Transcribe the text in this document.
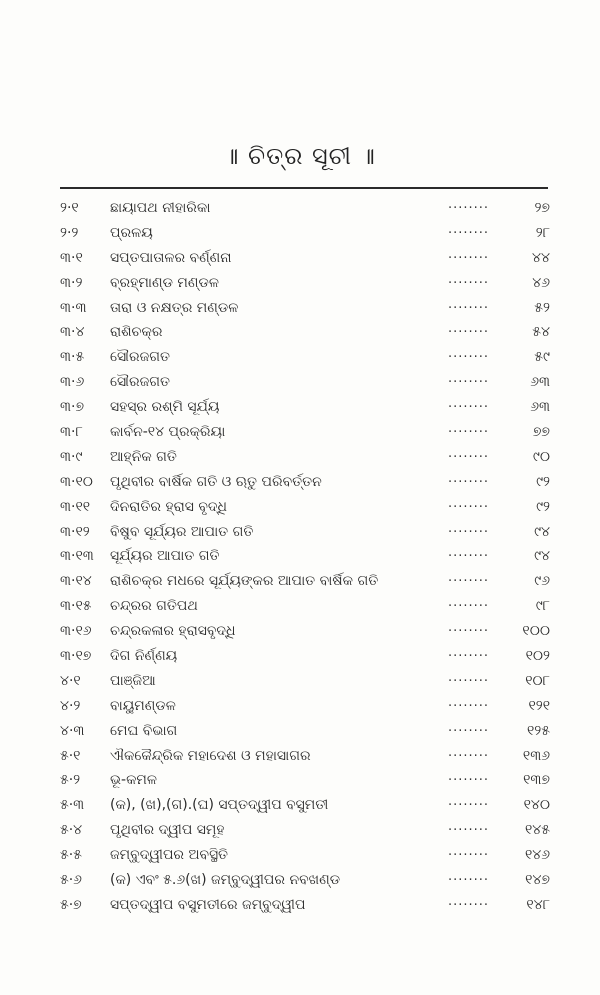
॥ ଚିତ୍ର ସୂଚୀ ॥
୨·୧	ଛାୟାପଥ ନୀହାରିକା	........	୨୭
୨·୨	ପ୍ରଳୟ	........	୨୮
୩·୧	ସପ୍ତପାତାଳର ବର୍ଣ୍ଣନା	........	୪୪
୩·୨	ବ୍ରହ୍ମାଣ୍ଡ ମଣ୍ଡଳ	........	୪୬
୩·୩	ତାରା ଓ ନକ୍ଷତ୍ର ମଣ୍ଡଳ	........	୫୨
୩·୪	ରାଶିଚକ୍ର	........	୫୪
୩·୫	ସୌରଜଗତ	........	୫୯
୩·୬	ସୌରଜଗତ	........	୬୩
୩·୭	ସହସ୍ର ରଶ୍ମି ସୂର୍ଯ୍ୟ	........	୬୩
୩·୮	କାର୍ବନ-୧୪ ପ୍ରକ୍ରିୟା	........	୭୭
୩·୯	ଆହ୍ନିକ ଗତି	........	୯୦
୩·୧୦	ପୃଥିବୀର ବାର୍ଷିକ ଗତି ଓ ଋତୁ ପରିବର୍ତ୍ତନ	........	୯୨
୩·୧୧	ଦିନରାତିର ହ୍ରାସ ବୃଦ୍ଧି	........	୯୨
୩·୧୨	ବିଷୁବ ସୂର୍ଯ୍ୟର ଆପାତ ଗତି	........	୯୪
୩·୧୩	ସୂର୍ଯ୍ୟର ଆପାତ ଗତି	........	୯୪
୩·୧୪	ରାଶିଚକ୍ର ମଧରେ ସୂର୍ଯ୍ୟଙ୍କର ଆପାତ ବାର୍ଷିକ ଗତି	........	୯୬
୩·୧୫	ଚନ୍ଦ୍ରର ଗତିପଥ	........	୯୮
୩·୧୬	ଚନ୍ଦ୍ରକଳାର ହ୍ରାସବୃଦ୍ଧି	........	୧୦୦
୩·୧୭	ଦିଗ ନିର୍ଣ୍ଣୟ	........	୧୦୨
୪·୧	ପାଞ୍ଜିଆ	........	୧୦୮
୪·୨	ବାୟୁମଣ୍ଡଳ	........	୧୨୧
୪·୩	ମେଘ ବିଭାଗ	........	୧୨୫
୫·୧	ଐକକୈନ୍ଦ୍ରିକ ମହାଦେଶ ଓ ମହାସାଗର	........	୧୩୬
୫·୨	ଭୂ-କମଳ	........	୧୩୭
୫·୩	(କ), (ଖ),(ଗ).(ଘ) ସପ୍ତଦ୍ୱୀପ ବସୁମତୀ	........	୧୪୦
୫·୪	ପୃଥିବୀର ଦ୍ୱୀପ ସମୂହ	........	୧୪୫
୫·୫	ଜମ୍ବୁଦ୍ୱୀପର ଅବସ୍ଥିତି	........	୧୪୬
୫·୬	(କ) ଏବଂ ୫.୬(ଖ) ଜମ୍ବୁଦ୍ୱୀପର ନବଖଣ୍ଡ	........	୧୪୭
୫·୭	ସପ୍ତଦ୍ୱୀପ ବସୁମତୀରେ ଜମ୍ବୁଦ୍ୱୀପ	........	୧୪୮
